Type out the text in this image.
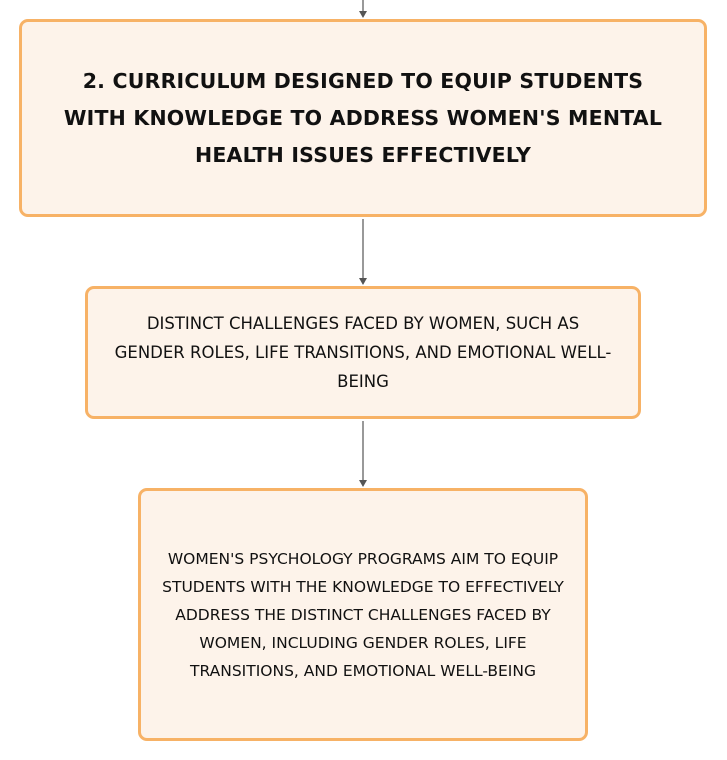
2. CURRICULUM DESIGNED TO EQUIP STUDENTS WITH KNOWLEDGE TO ADDRESS WOMEN'S MENTAL HEALTH ISSUES EFFECTIVELY
DISTINCT CHALLENGES FACED BY WOMEN, SUCH AS GENDER ROLES, LIFE TRANSITIONS, AND EMOTIONAL WELL-BEING
WOMEN'S PSYCHOLOGY PROGRAMS AIM TO EQUIP STUDENTS WITH THE KNOWLEDGE TO EFFECTIVELY ADDRESS THE DISTINCT CHALLENGES FACED BY WOMEN, INCLUDING GENDER ROLES, LIFE TRANSITIONS, AND EMOTIONAL WELL-BEING
